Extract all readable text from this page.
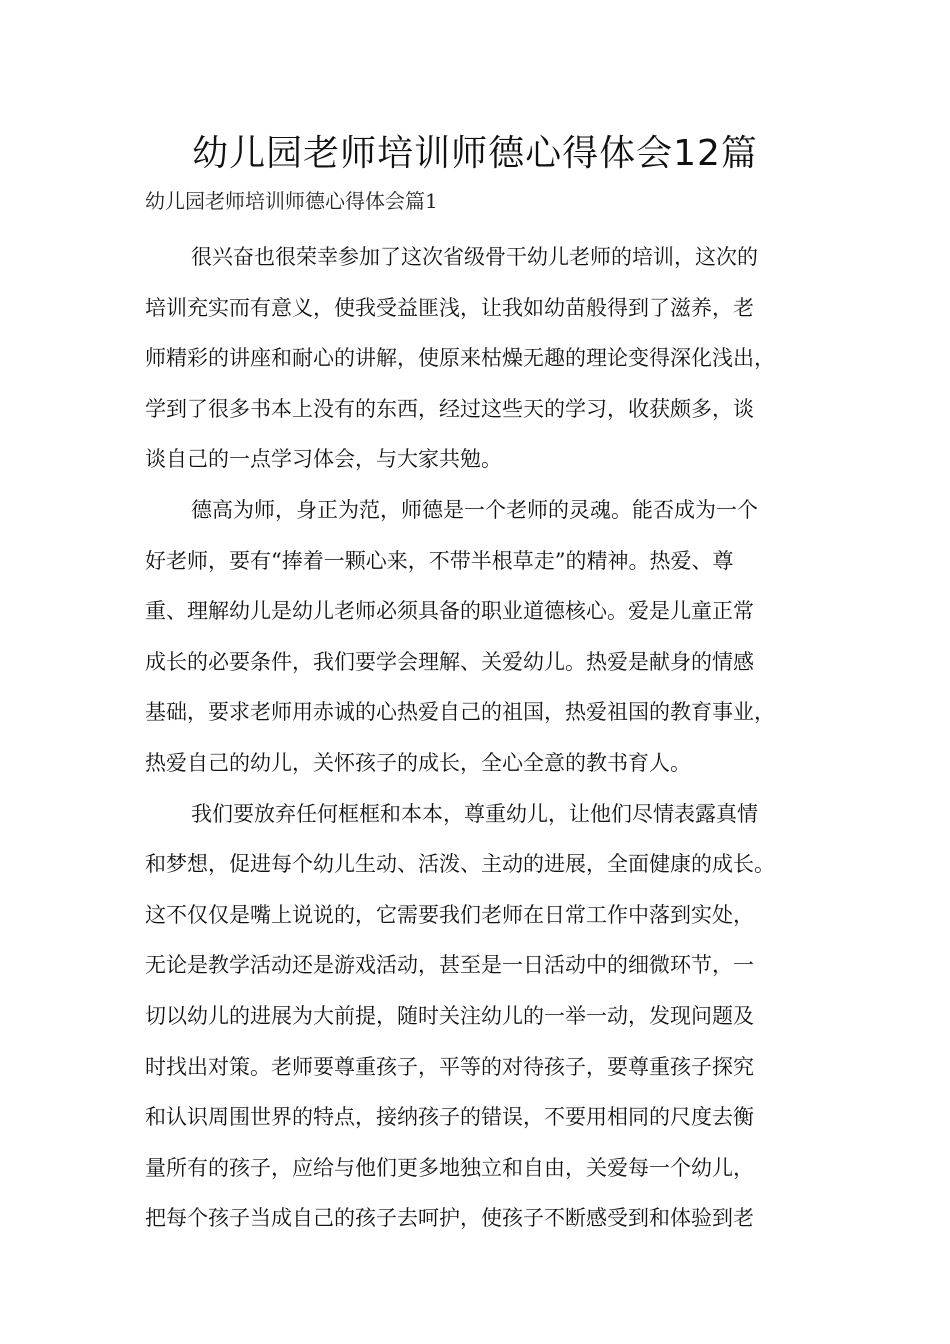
幼儿园老师培训师德心得体会12篇
幼儿园老师培训师德心得体会篇1

很兴奋也很荣幸参加了这次省级骨干幼儿老师的培训，这次的
培训充实而有意义，使我受益匪浅，让我如幼苗般得到了滋养，老
师精彩的讲座和耐心的讲解，使原来枯燥无趣的理论变得深化浅出，
学到了很多书本上没有的东西，经过这些天的学习，收获颇多，谈
谈自己的一点学习体会，与大家共勉。

德高为师，身正为范，师德是一个老师的灵魂。能否成为一个
好老师，要有“捧着一颗心来，不带半根草走”的精神。热爱、尊
重、理解幼儿是幼儿老师必须具备的职业道德核心。爱是儿童正常
成长的必要条件，我们要学会理解、关爱幼儿。热爱是献身的情感
基础，要求老师用赤诚的心热爱自己的祖国，热爱祖国的教育事业，
热爱自己的幼儿，关怀孩子的成长，全心全意的教书育人。

我们要放弃任何框框和本本，尊重幼儿，让他们尽情表露真情
和梦想，促进每个幼儿生动、活泼、主动的进展，全面健康的成长。
这不仅仅是嘴上说说的，它需要我们老师在日常工作中落到实处，
无论是教学活动还是游戏活动，甚至是一日活动中的细微环节，一
切以幼儿的进展为大前提，随时关注幼儿的一举一动，发现问题及
时找出对策。老师要尊重孩子，平等的对待孩子，要尊重孩子探究
和认识周围世界的特点，接纳孩子的错误，不要用相同的尺度去衡
量所有的孩子，应给与他们更多地独立和自由，关爱每一个幼儿，
把每个孩子当成自己的孩子去呵护，使孩子不断感受到和体验到老
